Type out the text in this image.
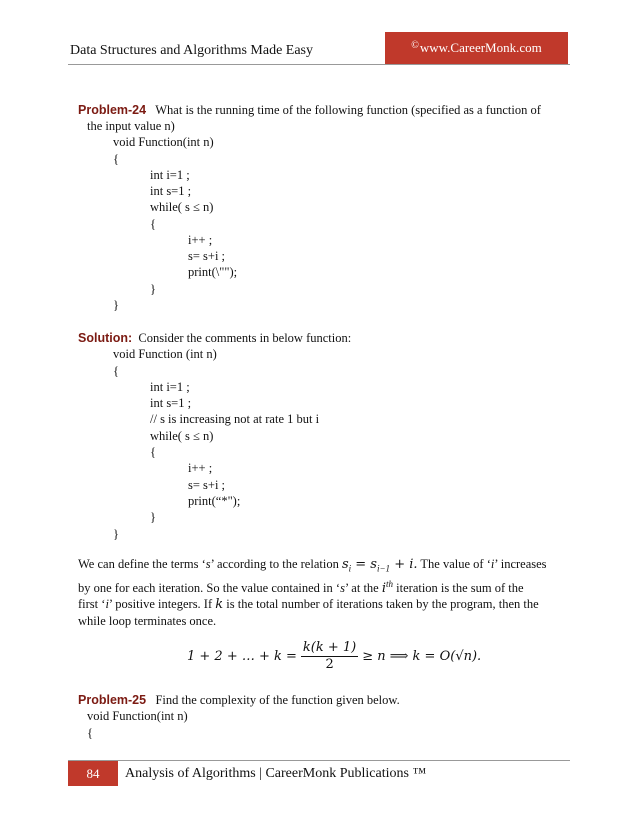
Data Structures and Algorithms Made Easy	© www.CareerMonk.com
Problem-24 What is the running time of the following function (specified as a function of
the input value n)
void Function(int n)
{
int i=1 ;
int s=1 ;
while( s ≤ n)
{
i++ ;
s= s+i ;
print(\"");
}
}
Solution: Consider the comments in below function:
void Function (int n)
{
int i=1 ;
int s=1 ;
// s is increasing not at rate 1 but i
while( s ≤ n)
{
i++ ;
s= s+i ;
print(“*");
}
}
We can define the terms ‘s’ according to the relation $s_i = s_{i-1} + i$. The value of ‘i’ increases
by one for each iteration. So the value contained in ‘s’ at the $i^{th}$ iteration is the sum of the
first ‘i’ positive integers. If k is the total number of iterations taken by the program, then the
while loop terminates once.
1 + 2 + … + $k = \frac{k(k + 1)}{2} \ge n$ ⟹ k = O(√n).
Problem-25 Find the complexity of the function given below.
void Function(int n)
{
84	Analysis of Algorithms | CareerMonk Publications ™
